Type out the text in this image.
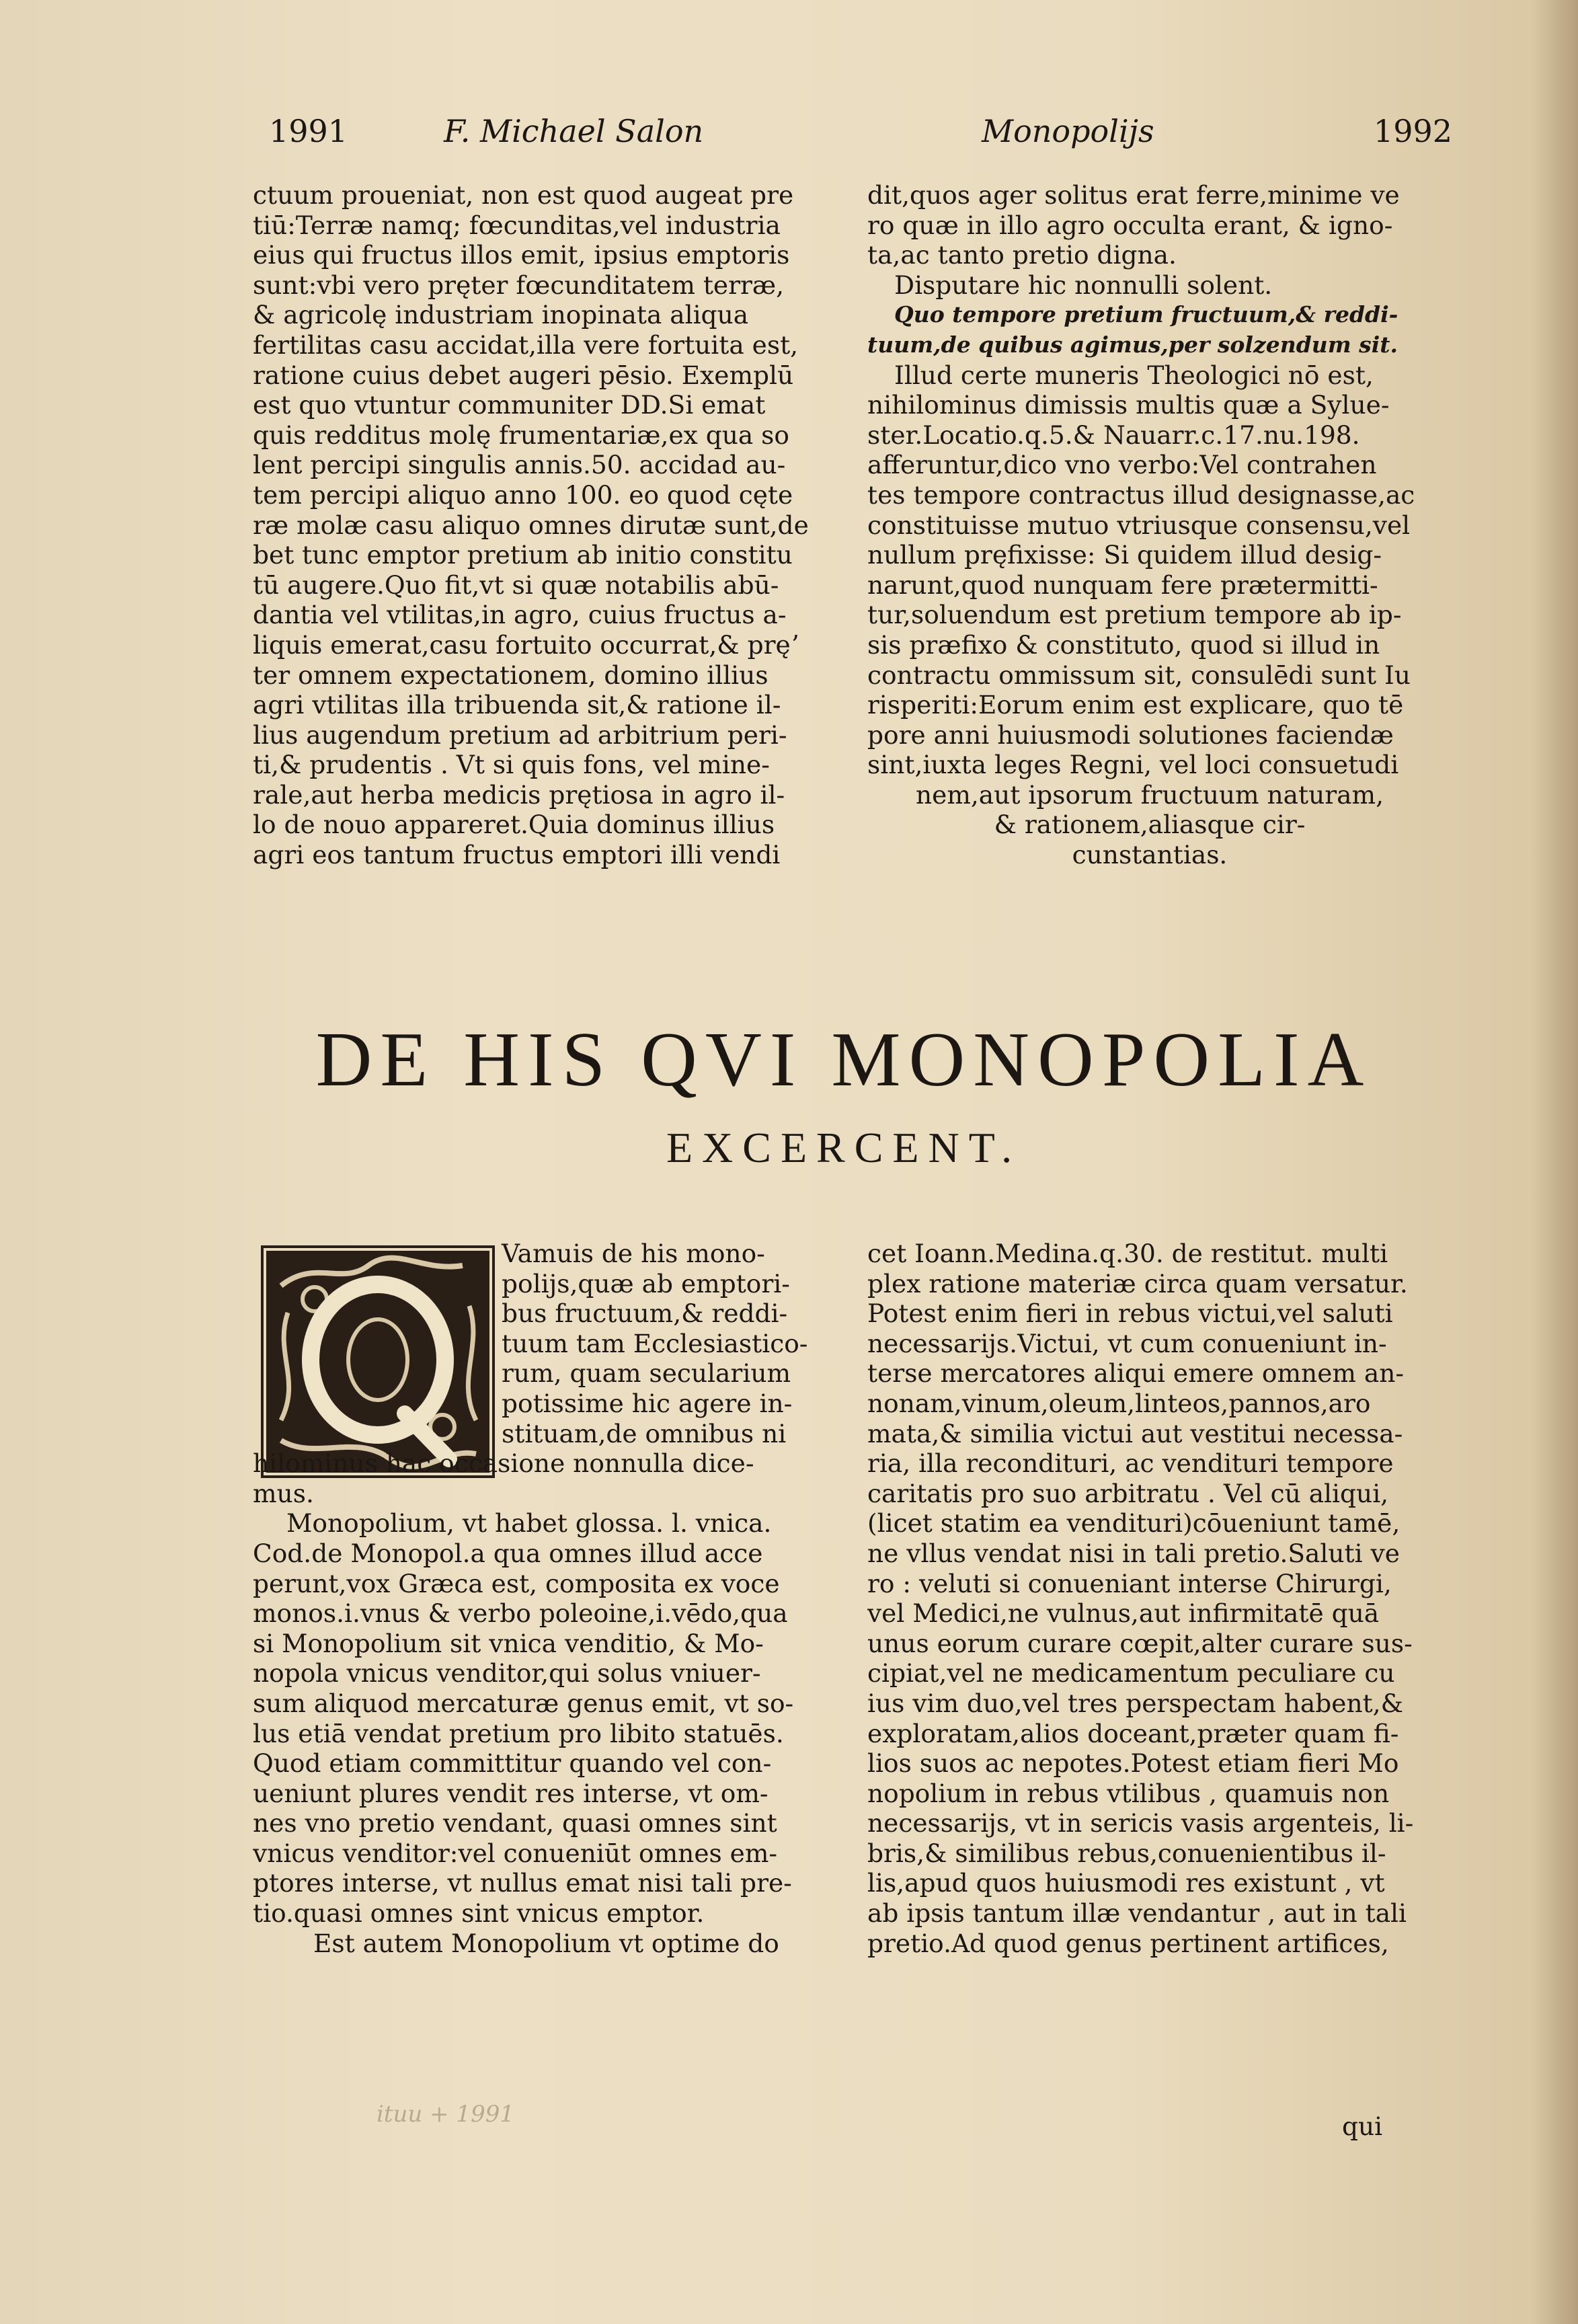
1991	F. Michael Salon	Monopolijs	1992
ctuum proueniat, non est quod augeat pre
tiū:Terræ namq; fœcunditas,vel industria
eius qui fructus illos emit, ipsius emptoris
sunt:vbi vero pręter fœcunditatem terræ,
& agricolę industriam inopinata aliqua
fertilitas casu accidat,illa vere fortuita est,
ratione cuius debet augeri pēsio. Exemplū
est quo vtuntur communiter DD.Si emat
quis redditus molę frumentariæ,ex qua so
lent percipi singulis annis.50. accidad au-
tem percipi aliquo anno 100. eo quod cęte
ræ molæ casu aliquo omnes dirutæ sunt,de
bet tunc emptor pretium ab initio constitu
tū augere.Quo fit,vt si quæ notabilis abū-
dantia vel vtilitas,in agro, cuius fructus a-
liquis emerat,casu fortuito occurrat,& pręʼ
ter omnem expectationem, domino illius
agri vtilitas illa tribuenda sit,& ratione il-
lius augendum pretium ad arbitrium peri-
ti,& prudentis . Vt si quis fons, vel mine-
rale,aut herba medicis prętiosa in agro il-
lo de nouo appareret.Quia dominus illius
agri eos tantum fructus emptori illi vendi
dit,quos ager solitus erat ferre,minime ve
ro quæ in illo agro occulta erant, & igno-
ta,ac tanto pretio digna.
Disputare hic nonnulli solent.
Quo tempore pretium fructuum,& reddi-
tuum,de quibus agimus,per solzendum sit.
Illud certe muneris Theologici nō est,
nihilominus dimissis multis quæ a Sylue-
ster.Locatio.q.5.& Nauarr.c.17.nu.198.
afferuntur,dico vno verbo:Vel contrahen
tes tempore contractus illud designasse,ac
constituisse mutuo vtriusque consensu,vel
nullum pręfixisse: Si quidem illud desig-
narunt,quod nunquam fere prætermitti-
tur,soluendum est pretium tempore ab ip-
sis præfixo & constituto, quod si illud in
contractu ommissum sit, consulēdi sunt Iu
risperiti:Eorum enim est explicare, quo tē
pore anni huiusmodi solutiones faciendæ
sint,iuxta leges Regni, vel loci consuetudi
nem,aut ipsorum fructuum naturam,
& rationem,aliasque cir-
cunstantias.
DE HIS QVI MONOPOLIA
EXCERCENT.
Vamuis de his mono-
polijs,quæ ab emptori-
bus fructuum,& reddi-
tuum tam Ecclesiastico-
rum, quam secularium
potissime hic agere in-
stituam,de omnibus ni
hilominus hac occasione nonnulla dice-
mus.
Monopolium, vt habet glossa. l. vnica.
Cod.de Monopol.a qua omnes illud acce
perunt,vox Græca est, composita ex voce
monos.i.vnus & verbo poleoine,i.vēdo,qua
si Monopolium sit vnica venditio, & Mo-
nopola vnicus venditor,qui solus vniuer-
sum aliquod mercaturæ genus emit, vt so-
lus etiā vendat pretium pro libito statuēs.
Quod etiam committitur quando vel con-
ueniunt plures vendit res interse, vt om-
nes vno pretio vendant, quasi omnes sint
vnicus venditor:vel conueniūt omnes em-
ptores interse, vt nullus emat nisi tali pre-
tio.quasi omnes sint vnicus emptor.
Est autem Monopolium vt optime do
cet Ioann.Medina.q.30. de restitut. multi
plex ratione materiæ circa quam versatur.
Potest enim fieri in rebus victui,vel saluti
necessarijs.Victui, vt cum conueniunt in-
terse mercatores aliqui emere omnem an-
nonam,vinum,oleum,linteos,pannos,aro
mata,& similia victui aut vestitui necessa-
ria, illa reconditurі, ac vendituri tempore
caritatis pro suo arbitratu . Vel cū aliqui,
(licet statim ea vendituri)cōueniunt tamē,
ne vllus vendat nisi in tali pretio.Saluti ve
ro : veluti si conueniant interse Chirurgi,
vel Medici,ne vulnus,aut infirmitatē quā
unus eorum curare cœpit,alter curare sus-
cipiat,vel ne medicamentum peculiare cu
ius vim duo,vel tres perspectam habent,&
exploratam,alios doceant,præter quam fi-
lios suos ac nepotes.Potest etiam fieri Mo
nopolium in rebus vtilibus , quamuis non
necessarijs, vt in sericis vasis argenteis, li-
bris,& similibus rebus,conuenientibus il-
lis,apud quos huiusmodi res existunt , vt
ab ipsis tantum illæ vendantur , aut in tali
pretio.Ad quod genus pertinent artifices,
ituu + 1991	qui
